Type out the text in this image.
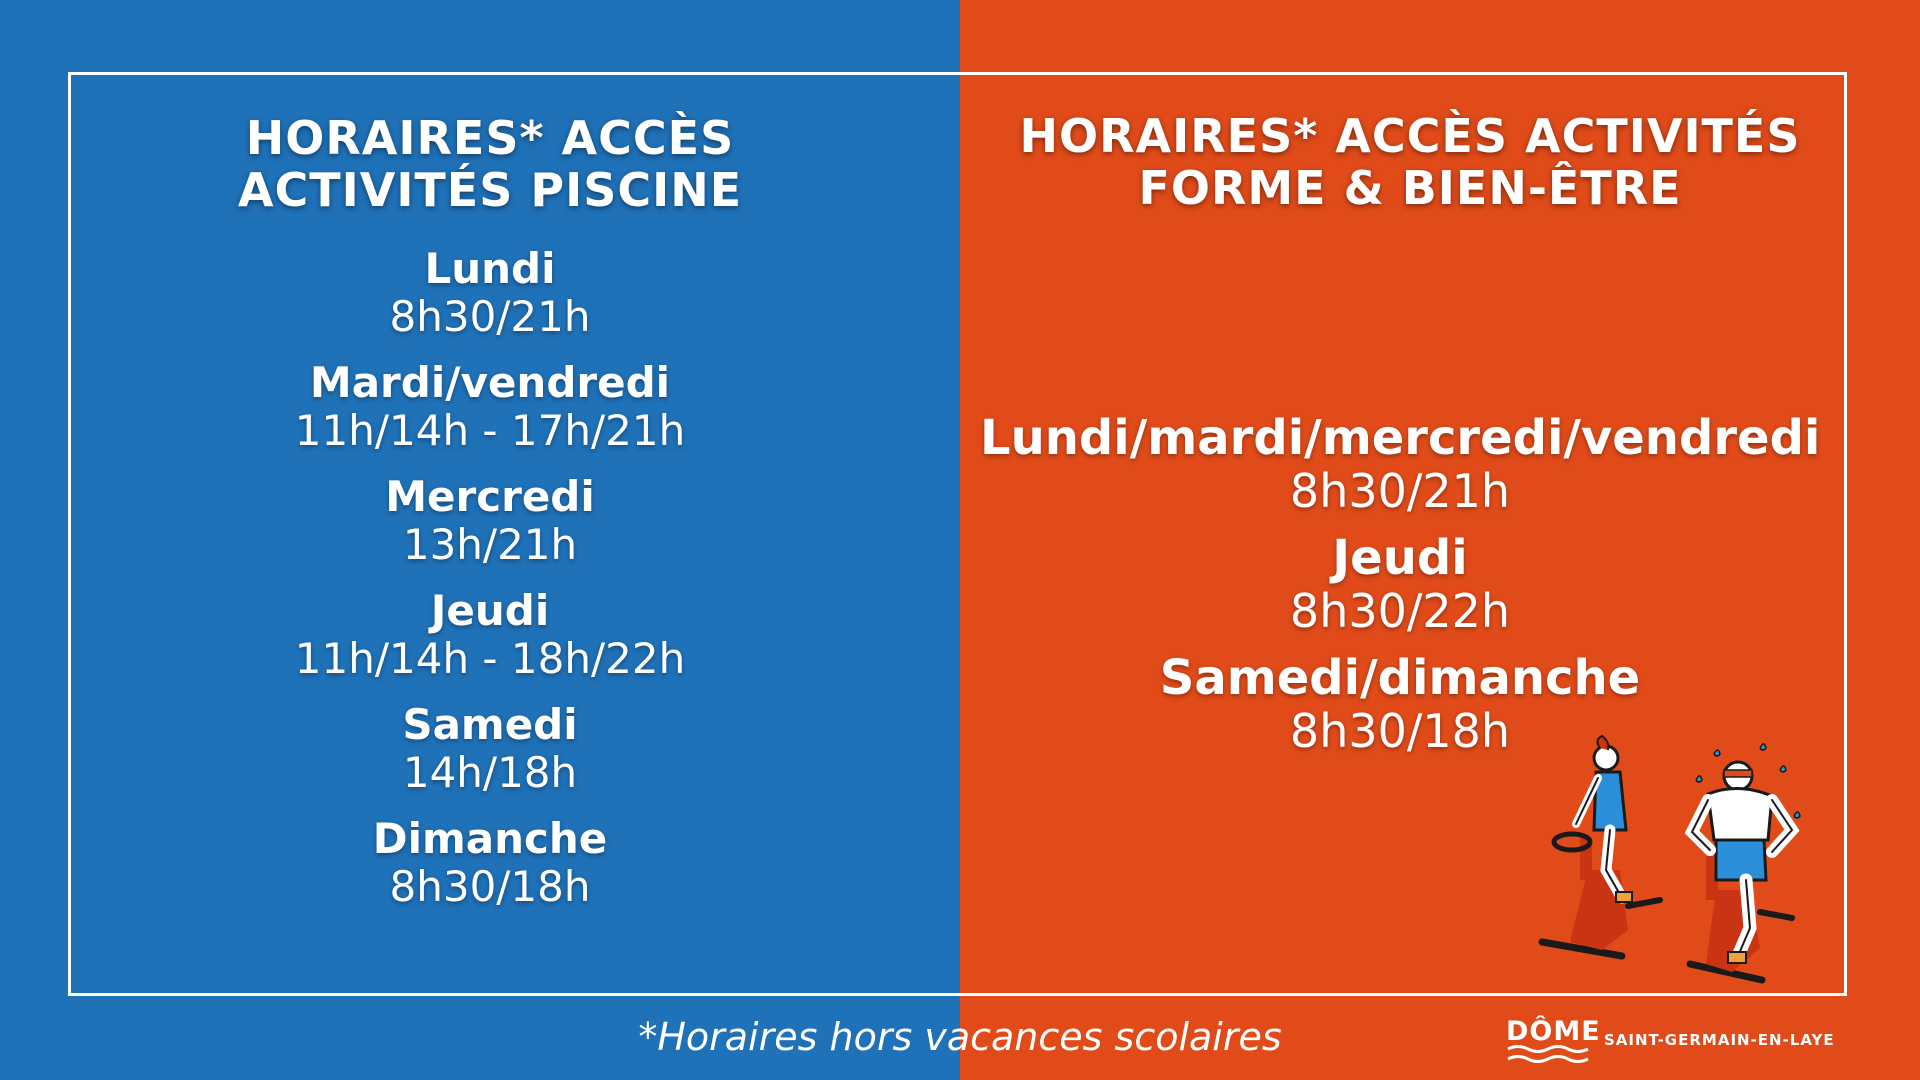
HORAIRES* ACCÈS
ACTIVITÉS PISCINE
Lundi
8h30/21h
Mardi/vendredi
11h/14h - 17h/21h
Mercredi
13h/21h
Jeudi
11h/14h - 18h/22h
Samedi
14h/18h
Dimanche
8h30/18h
HORAIRES* ACCÈS ACTIVITÉS
FORME & BIEN-ÊTRE
Lundi/mardi/mercredi/vendredi
8h30/21h
Jeudi
8h30/22h
Samedi/dimanche
8h30/18h
*Horaires hors vacances scolaires	DÔME SAINT-GERMAIN-EN-LAYE
